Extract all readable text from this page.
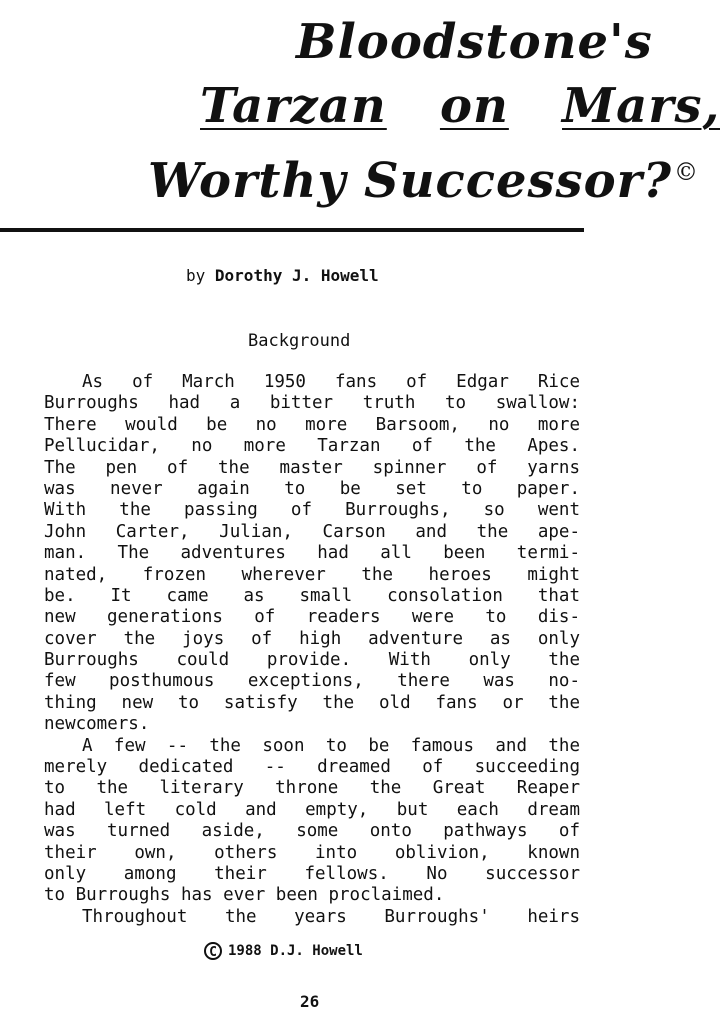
Bloodstone's
Tarzan on Mars,
Worthy Successor?©
by Dorothy J. Howell
Background
As of March 1950 fans of Edgar Rice
Burroughs had a bitter truth to swallow:
There would be no more Barsoom, no more
Pellucidar, no more Tarzan of the Apes.
The pen of the master spinner of yarns
was never again to be set to paper.
With the passing of Burroughs, so went
John Carter, Julian, Carson and the ape-
man. The adventures had all been termi-
nated, frozen wherever the heroes might
be. It came as small consolation that
new generations of readers were to dis-
cover the joys of high adventure as only
Burroughs could provide. With only the
few posthumous exceptions, there was no-
thing new to satisfy the old fans or the
newcomers.
A few -- the soon to be famous and the
merely dedicated -- dreamed of succeeding
to the literary throne the Great Reaper
had left cold and empty, but each dream
was turned aside, some onto pathways of
their own, others into oblivion, known
only among their fellows. No successor
to Burroughs has ever been proclaimed.
Throughout the years Burroughs' heirs
C 1988 D.J. Howell
26
